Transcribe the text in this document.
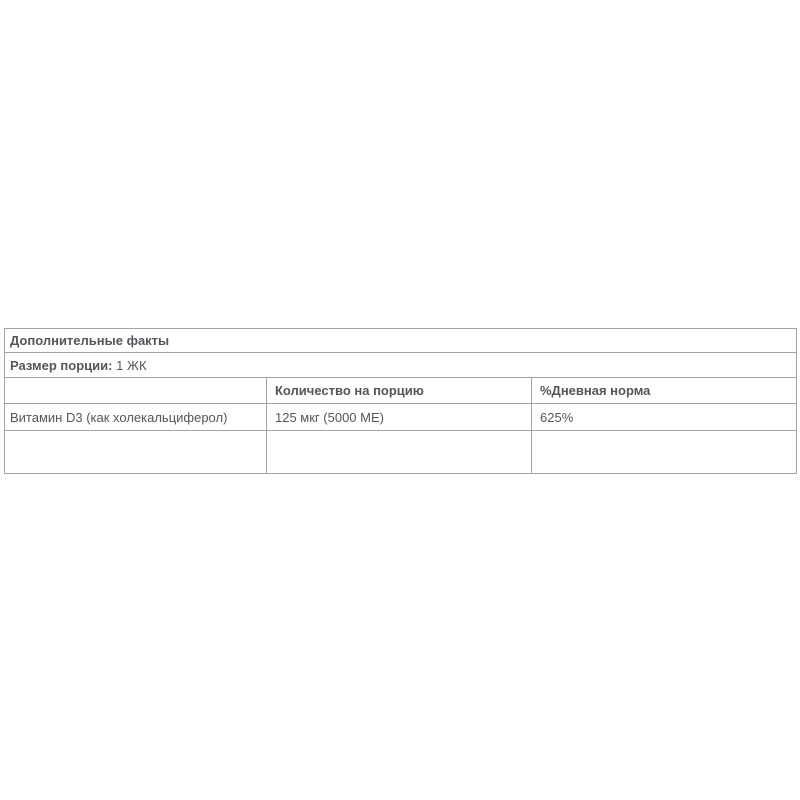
Дополнительные факты		
Размер порции: 1 ЖК		
	Количество на порцию	%Дневная норма
Витамин D3 (как холекальциферол)	125 мкг (5000 МЕ)	625%
